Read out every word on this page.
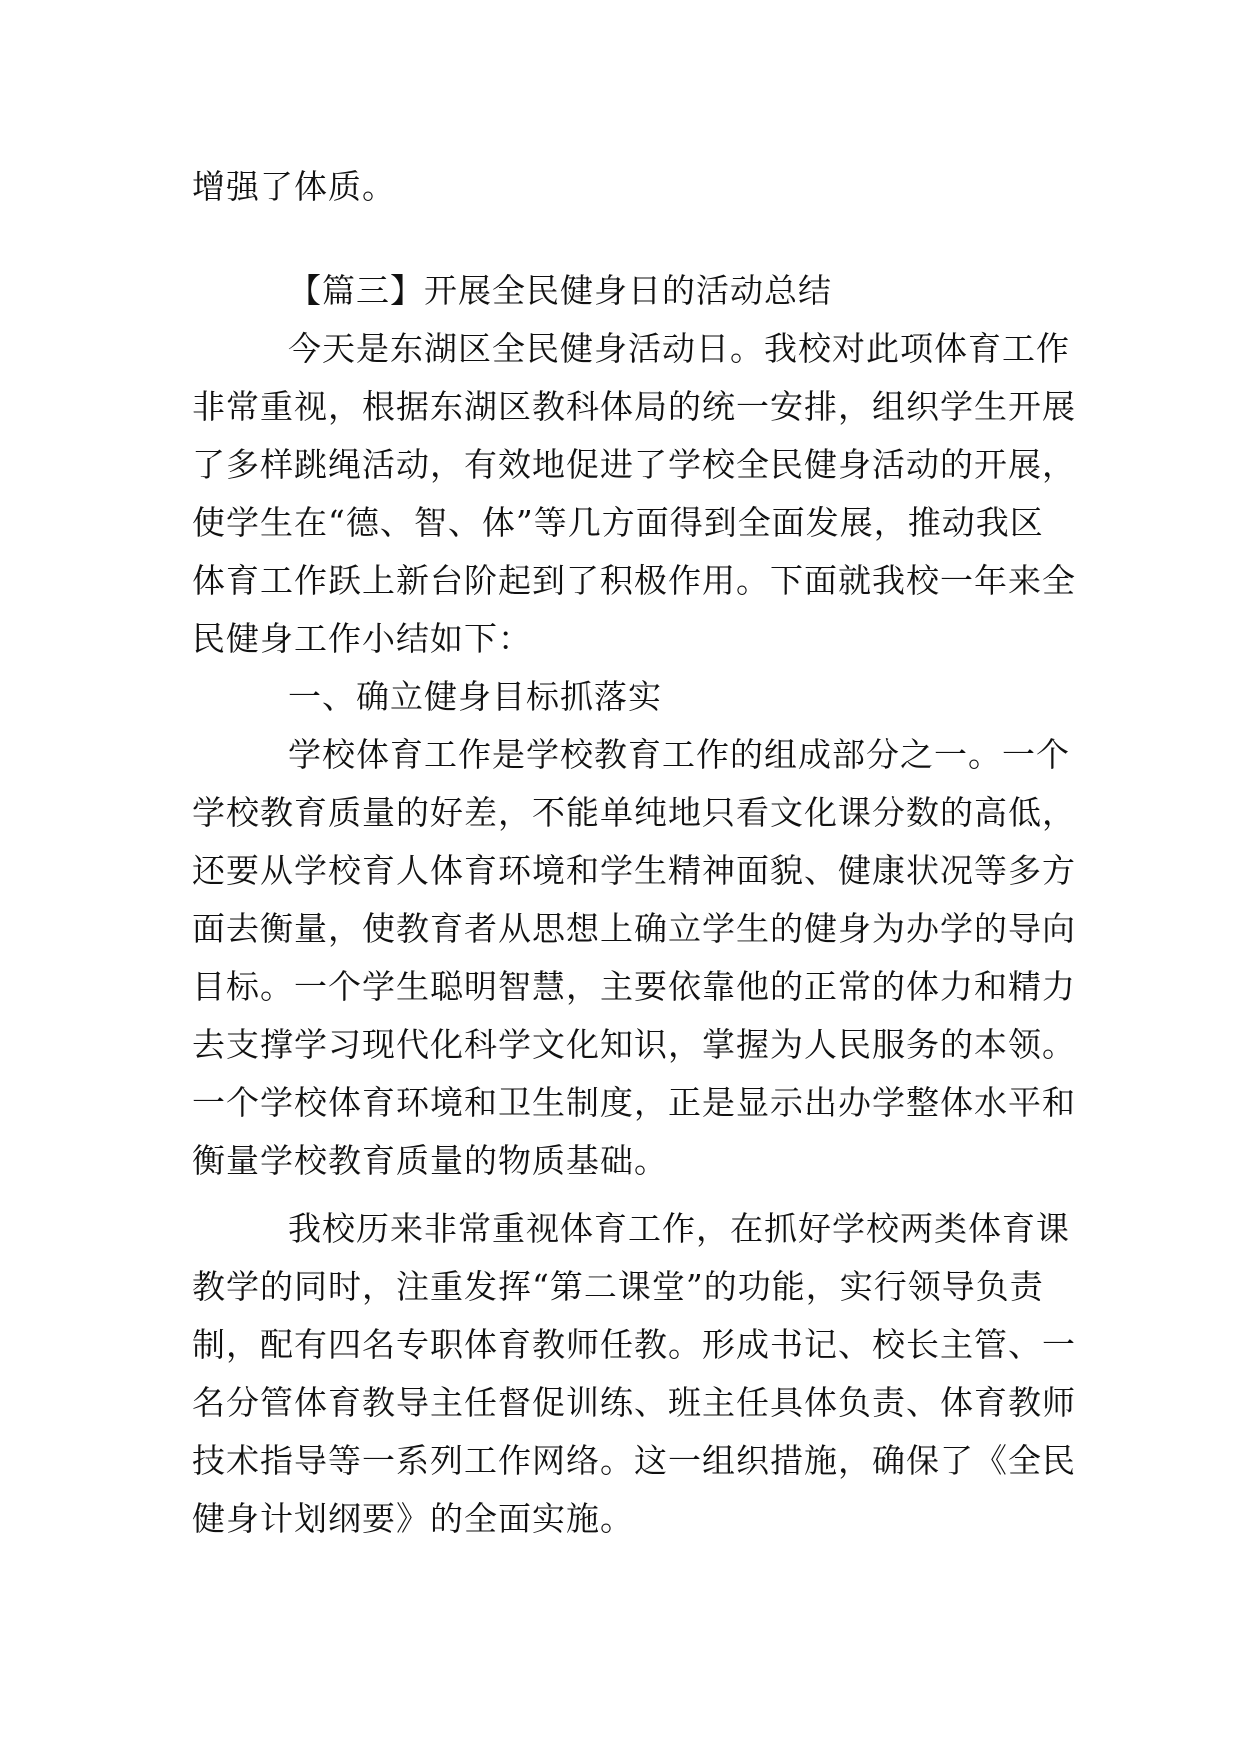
增强了体质。
【篇三】开展全民健身日的活动总结
今天是东湖区全民健身活动日。我校对此项体育工作
非常重视，根据东湖区教科体局的统一安排，组织学生开展
了多样跳绳活动，有效地促进了学校全民健身活动的开展，
使学生在“德、智、体”等几方面得到全面发展，推动我区
体育工作跃上新台阶起到了积极作用。下面就我校一年来全
民健身工作小结如下：
一、确立健身目标抓落实
学校体育工作是学校教育工作的组成部分之一。一个
学校教育质量的好差，不能单纯地只看文化课分数的高低，
还要从学校育人体育环境和学生精神面貌、健康状况等多方
面去衡量，使教育者从思想上确立学生的健身为办学的导向
目标。一个学生聪明智慧，主要依靠他的正常的体力和精力
去支撑学习现代化科学文化知识，掌握为人民服务的本领。
一个学校体育环境和卫生制度，正是显示出办学整体水平和
衡量学校教育质量的物质基础。
我校历来非常重视体育工作，在抓好学校两类体育课
教学的同时，注重发挥“第二课堂”的功能，实行领导负责
制，配有四名专职体育教师任教。形成书记、校长主管、一
名分管体育教导主任督促训练、班主任具体负责、体育教师
技术指导等一系列工作网络。这一组织措施，确保了《全民
健身计划纲要》的全面实施。
